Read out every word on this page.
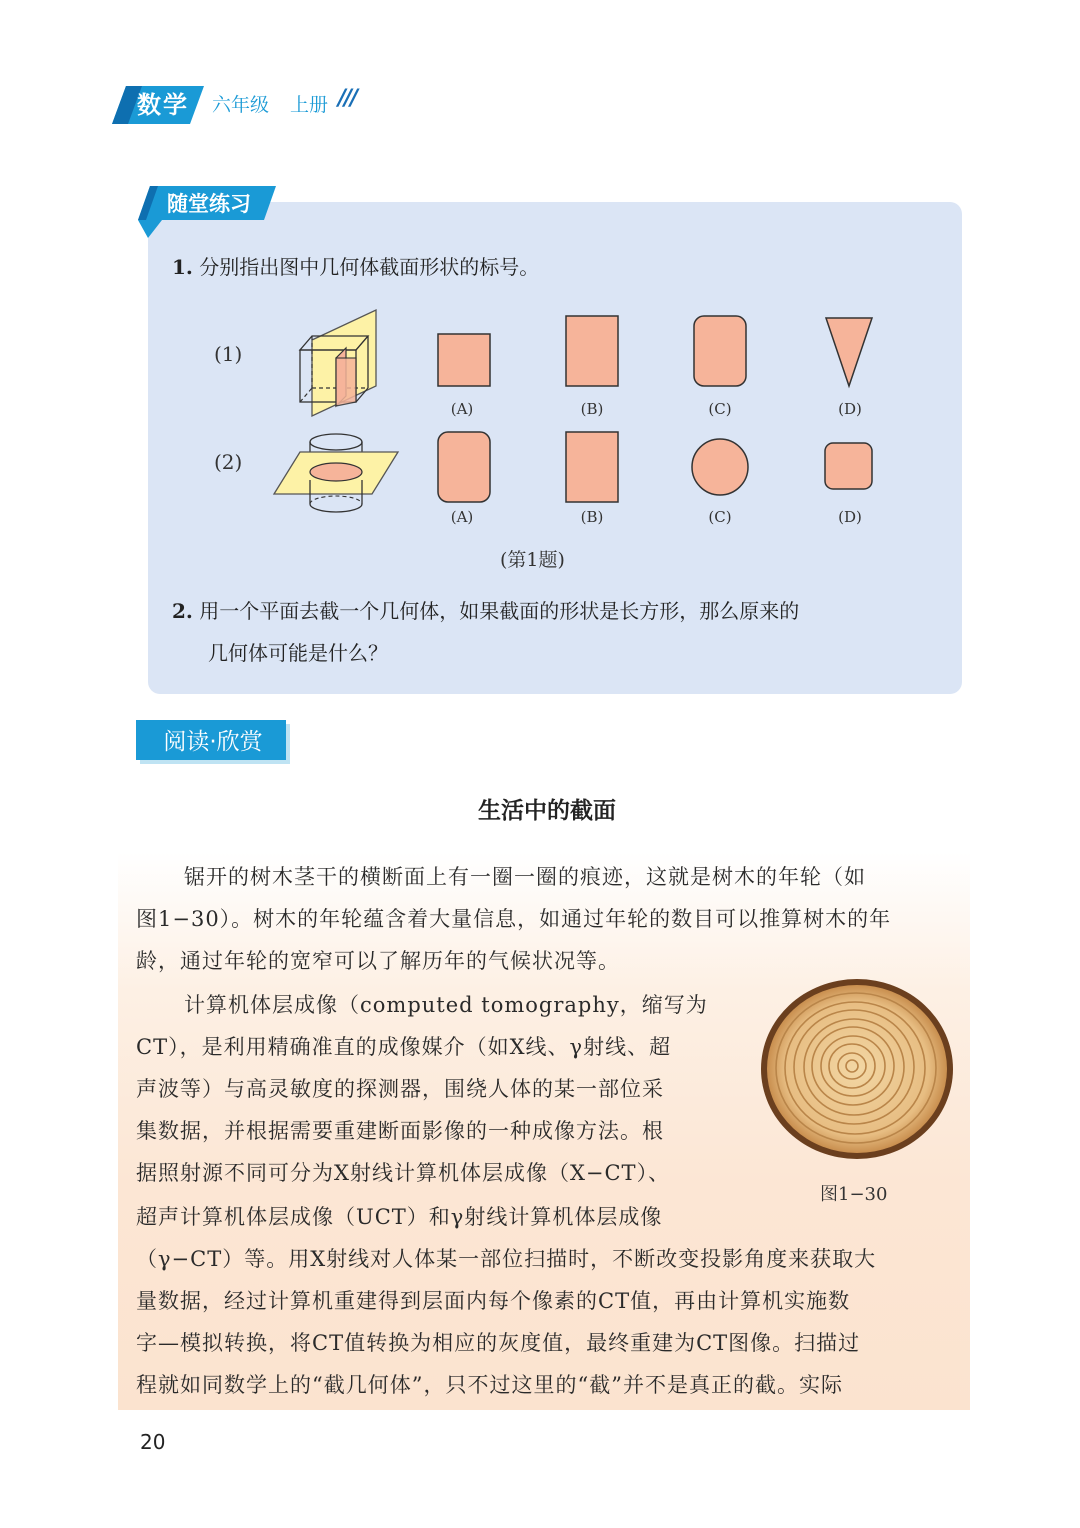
数学	六年级 上册 ///
随堂练习
1. 分别指出图中几何体截面形状的标号。
(1)
(2)
(A)	(B)	(C)	(D)
(A)	(B)	(C)	(D)
(第1题)
2. 用一个平面去截一个几何体，如果截面的形状是长方形，那么原来的
几何体可能是什么？
阅读·欣赏
生活中的截面
锯开的树木茎干的横断面上有一圈一圈的痕迹，这就是树木的年轮（如
图1−30）。树木的年轮蕴含着大量信息，如通过年轮的数目可以推算树木的年
龄，通过年轮的宽窄可以了解历年的气候状况等。
计算机体层成像（computed tomography，缩写为
CT），是利用精确准直的成像媒介（如X线、γ射线、超
声波等）与高灵敏度的探测器，围绕人体的某一部位采
集数据，并根据需要重建断面影像的一种成像方法。根
据照射源不同可分为X射线计算机体层成像（X−CT）、
超声计算机体层成像（UCT）和γ射线计算机体层成像
（γ−CT）等。用X射线对人体某一部位扫描时，不断改变投影角度来获取大
量数据，经过计算机重建得到层面内每个像素的CT值，再由计算机实施数
字—模拟转换，将CT值转换为相应的灰度值，最终重建为CT图像。扫描过
程就如同数学上的“截几何体”，只不过这里的“截”并不是真正的截。实际
图1−30
20
